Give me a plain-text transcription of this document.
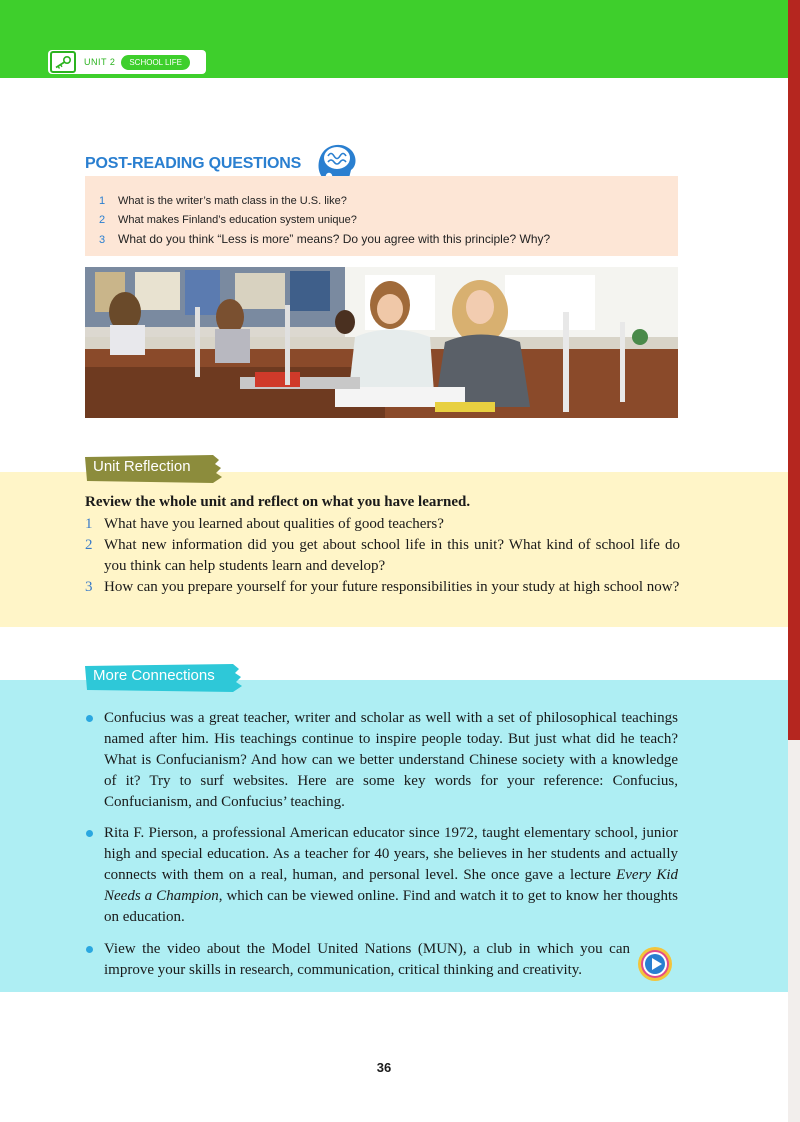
UNIT 2	SCHOOL LIFE
POST-READING QUESTIONS
1 What is the writer’s math class in the U.S. like?
2 What makes Finland’s education system unique?
3 What do you think “Less is more” means? Do you agree with this principle? Why?
Unit Reflection
Review the whole unit and reflect on what you have learned.
1 What have you learned about qualities of good teachers?
2 What new information did you get about school life in this unit? What kind of school life do you think can help students learn and develop?
3 How can you prepare yourself for your future responsibilities in your study at high school now?
More Connections
Confucius was a great teacher, writer and scholar as well with a set of philosophical teachings named after him. His teachings continue to inspire people today. But just what did he teach? What is Confucianism? And how can we better understand Chinese society with a knowledge of it? Try to surf websites. Here are some key words for your reference: Confucius, Confucianism, and Confucius’ teaching.
Rita F. Pierson, a professional American educator since 1972, taught elementary school, junior high and special education. As a teacher for 40 years, she believes in her students and actually connects with them on a real, human, and personal level. She once gave a lecture Every Kid Needs a Champion, which can be viewed online. Find and watch it to get to know her thoughts on education.
View the video about the Model United Nations (MUN), a club in which you can improve your skills in research, communication, critical thinking and creativity.
36
